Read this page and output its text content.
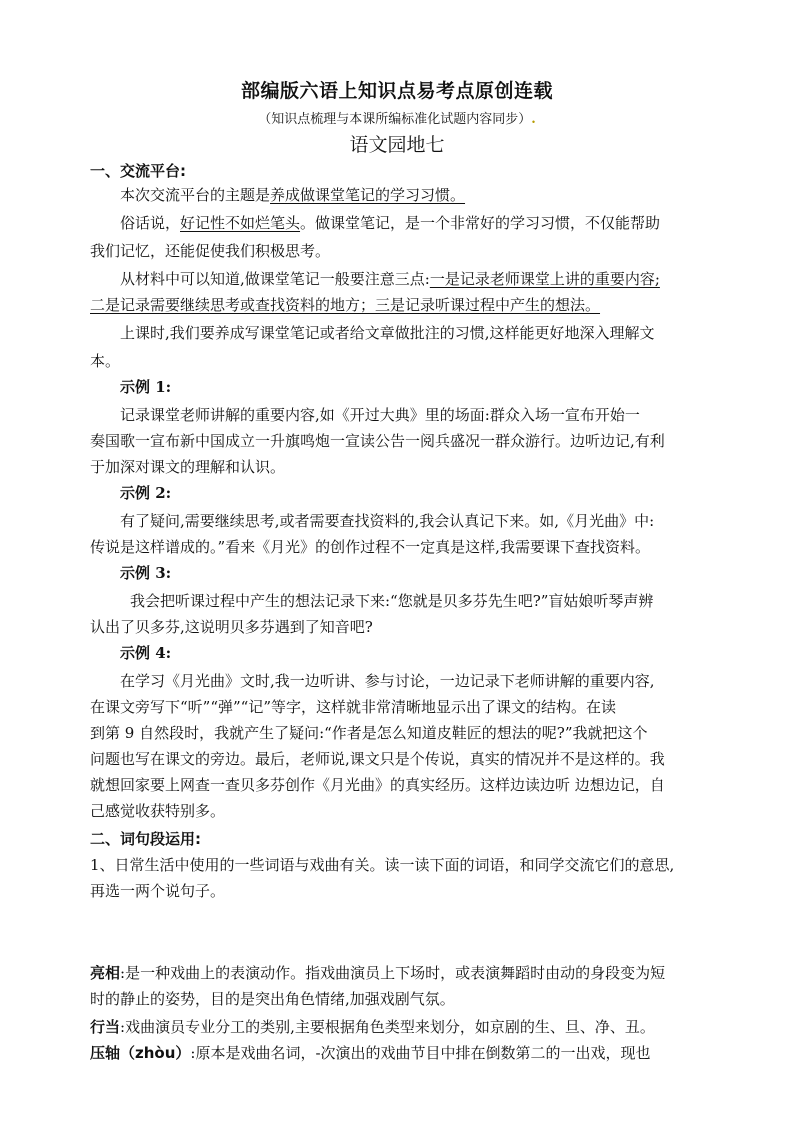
部编版六语上知识点易考点原创连载
（知识点梳理与本课所编标准化试题内容同步）.
语文园地七
一、交流平台:
本次交流平台的主题是养成做课堂笔记的学习习惯。
俗话说，好记性不如烂笔头。做课堂笔记，是一个非常好的学习习惯，不仅能帮助
我们记忆，还能促使我们积极思考。
从材料中可以知道,做课堂笔记一般要注意三点:一是记录老师课堂上讲的重要内容;
二是记录需要继续思考或查找资料的地方；三是记录听课过程中产生的想法。
上课时,我们要养成写课堂笔记或者给文章做批注的习惯,这样能更好地深入理解文
本。
示例 1:
记录课堂老师讲解的重要内容,如《开过大典》里的场面:群众入场一宣布开始一
奏国歌一宣布新中国成立一升旗鸣炮一宣读公告一阅兵盛况一群众游行。边听边记,有利
于加深对课文的理解和认识。
示例 2:
有了疑问,需要继续思考,或者需要查找资料的,我会认真记下来。如,《月光曲》中:
传说是这样谱成的。”看来《月光》的创作过程不一定真是这样,我需要课下查找资料。
示例 3:
我会把听课过程中产生的想法记录下来:“您就是贝多芬先生吧?”盲姑娘听琴声辨
认出了贝多芬,这说明贝多芬遇到了知音吧?
示例 4:
在学习《月光曲》文时,我一边听讲、参与讨论，一边记录下老师讲解的重要内容,
在课文旁写下“听”“弹”“记”等字，这样就非常清晰地显示出了课文的结构。在读
到第 9 自然段时，我就产生了疑问:“作者是怎么知道皮鞋匠的想法的呢?”我就把这个
问题也写在课文的旁边。最后，老师说,课文只是个传说，真实的情况并不是这样的。我
就想回家要上网查一查贝多芬创作《月光曲》的真实经历。这样边读边听 边想边记，自
己感觉收获特别多。
二、词句段运用:
1、日常生活中使用的一些词语与戏曲有关。读一读下面的词语，和同学交流它们的意思,
再选一两个说句子。
亮相:是一种戏曲上的表演动作。指戏曲演员上下场时，或表演舞蹈时由动的身段变为短
时的静止的姿势，目的是突出角色情绪,加强戏剧气氛。
行当:戏曲演员专业分工的类别,主要根据角色类型来划分，如京剧的生、旦、净、丑。
压轴（zhòu）:原本是戏曲名词，-次演出的戏曲节目中排在倒数第二的一出戏，现也
